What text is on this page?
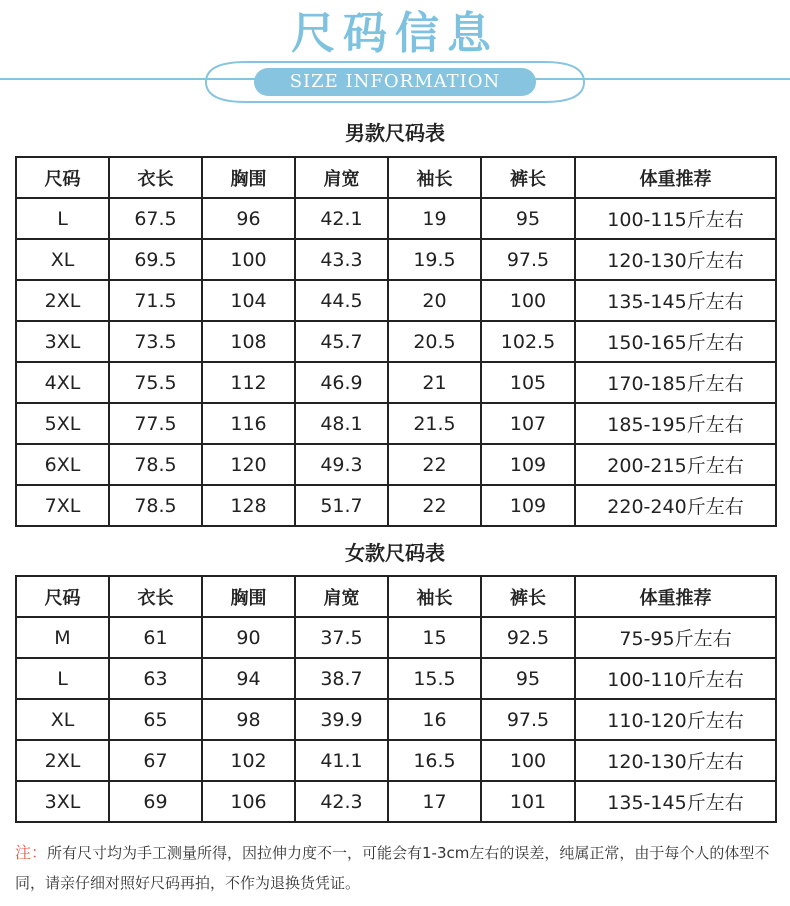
尺码信息
SIZE INFORMATION
男款尺码表
尺码	衣长	胸围	肩宽	袖长	裤长	体重推荐
L	67.5	96	42.1	19	95	100-115斤左右
XL	69.5	100	43.3	19.5	97.5	120-130斤左右
2XL	71.5	104	44.5	20	100	135-145斤左右
3XL	73.5	108	45.7	20.5	102.5	150-165斤左右
4XL	75.5	112	46.9	21	105	170-185斤左右
5XL	77.5	116	48.1	21.5	107	185-195斤左右
6XL	78.5	120	49.3	22	109	200-215斤左右
7XL	78.5	128	51.7	22	109	220-240斤左右
女款尺码表
尺码	衣长	胸围	肩宽	袖长	裤长	体重推荐
M	61	90	37.5	15	92.5	75-95斤左右
L	63	94	38.7	15.5	95	100-110斤左右
XL	65	98	39.9	16	97.5	110-120斤左右
2XL	67	102	41.1	16.5	100	120-130斤左右
3XL	69	106	42.3	17	101	135-145斤左右
注：所有尺寸均为手工测量所得，因拉伸力度不一，可能会有1-3cm左右的误差，纯属正常，由于每个人的体型不同，请亲仔细对照好尺码再拍，不作为退换货凭证。
